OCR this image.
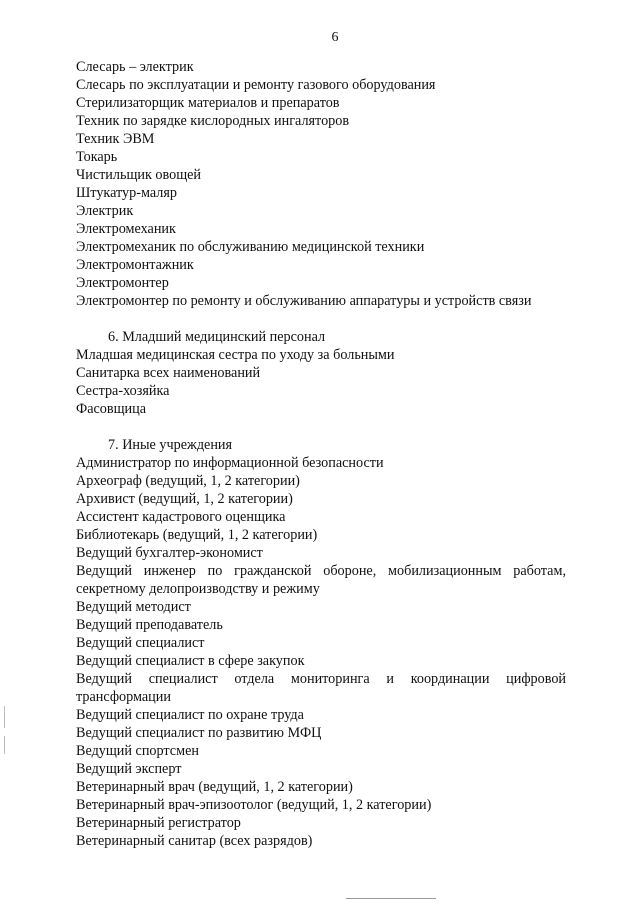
6
Слесарь – электрик
Слесарь по эксплуатации и ремонту газового оборудования
Стерилизаторщик материалов и препаратов
Техник по зарядке кислородных ингаляторов
Техник ЭВМ
Токарь
Чистильщик овощей
Штукатур-маляр
Электрик
Электромеханик
Электромеханик по обслуживанию медицинской техники
Электромонтажник
Электромонтер
Электромонтер по ремонту и обслуживанию аппаратуры и устройств связи
6. Младший медицинский персонал
Младшая медицинская сестра по уходу за больными
Санитарка всех наименований
Сестра-хозяйка
Фасовщица
7. Иные учреждения
Администратор по информационной безопасности
Археограф (ведущий, 1, 2 категории)
Архивист (ведущий, 1, 2 категории)
Ассистент кадастрового оценщика
Библиотекарь (ведущий, 1, 2 категории)
Ведущий бухгалтер-экономист
Ведущий инженер по гражданской обороне, мобилизационным работам,
секретному делопроизводству и режиму
Ведущий методист
Ведущий преподаватель
Ведущий специалист
Ведущий специалист в сфере закупок
Ведущий специалист отдела мониторинга и координации цифровой
трансформации
Ведущий специалист по охране труда
Ведущий специалист по развитию МФЦ
Ведущий спортсмен
Ведущий эксперт
Ветеринарный врач (ведущий, 1, 2 категории)
Ветеринарный врач-эпизоотолог (ведущий, 1, 2 категории)
Ветеринарный регистратор
Ветеринарный санитар (всех разрядов)
